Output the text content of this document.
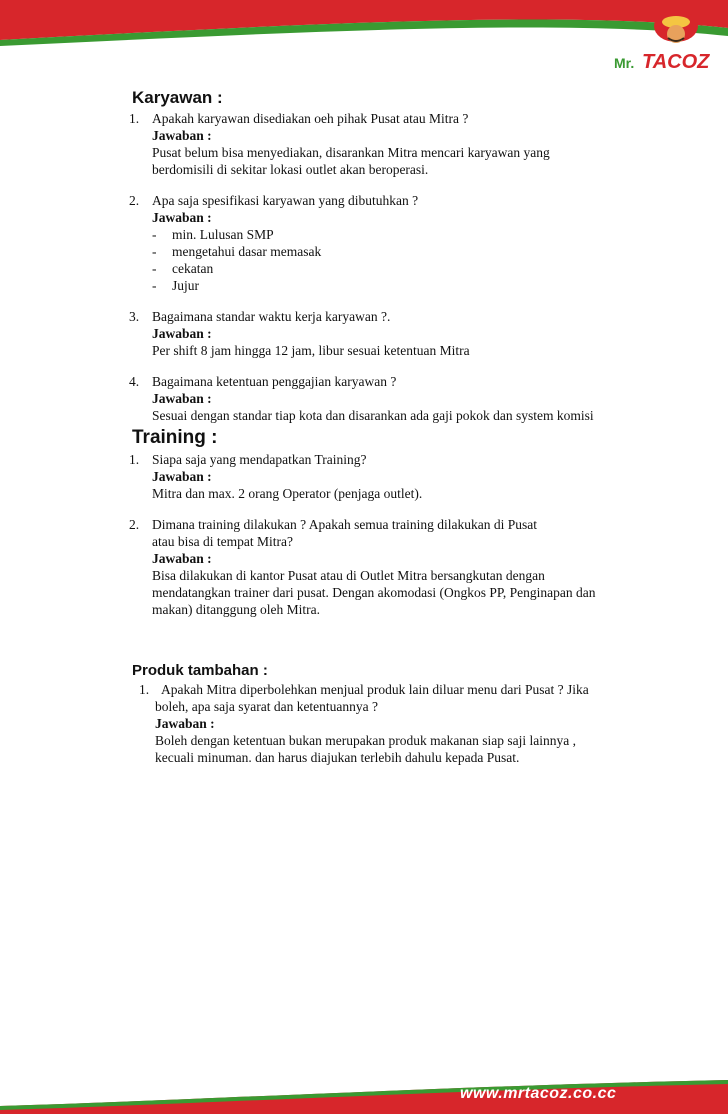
Mr. TACOZ
Karyawan :

1. Apakah karyawan disediakan oeh pihak Pusat atau Mitra ?

Jawaban :
Pusat belum bisa menyediakan, disarankan Mitra mencari karyawan yang
berdomisili di sekitar lokasi outlet akan beroperasi.

2. Apa saja spesifikasi karyawan yang dibutuhkan ?

Jawaban :
- min. Lulusan SMP
- mengetahui dasar memasak
- cekatan
- Jujur

3. Bagaimana standar waktu kerja karyawan ?.

Jawaban :
Per shift 8 jam hingga 12 jam, libur sesuai ketentuan Mitra

4. Bagaimana ketentuan penggajian karyawan ?

Jawaban :
Sesuai dengan standar tiap kota dan disarankan ada gaji pokok dan system komisi
Training :

1. Siapa saja yang mendapatkan Training?

Jawaban :
Mitra dan max. 2 orang Operator (penjaga outlet).

2. Dimana training dilakukan ? Apakah semua training dilakukan di Pusat

atau bisa di tempat Mitra?
Jawaban :
Bisa dilakukan di kantor Pusat atau di Outlet Mitra bersangkutan dengan
mendatangkan trainer dari pusat. Dengan akomodasi (Ongkos PP, Penginapan dan
makan) ditanggung oleh Mitra.
Produk tambahan :

1. Apakah Mitra diperbolehkan menjual produk lain diluar menu dari Pusat ? Jika

boleh, apa saja syarat dan ketentuannya ?
Jawaban :
Boleh dengan ketentuan bukan merupakan produk makanan siap saji lainnya ,
kecuali minuman. dan harus diajukan terlebih dahulu kepada Pusat.
www.mrtacoz.co.cc
